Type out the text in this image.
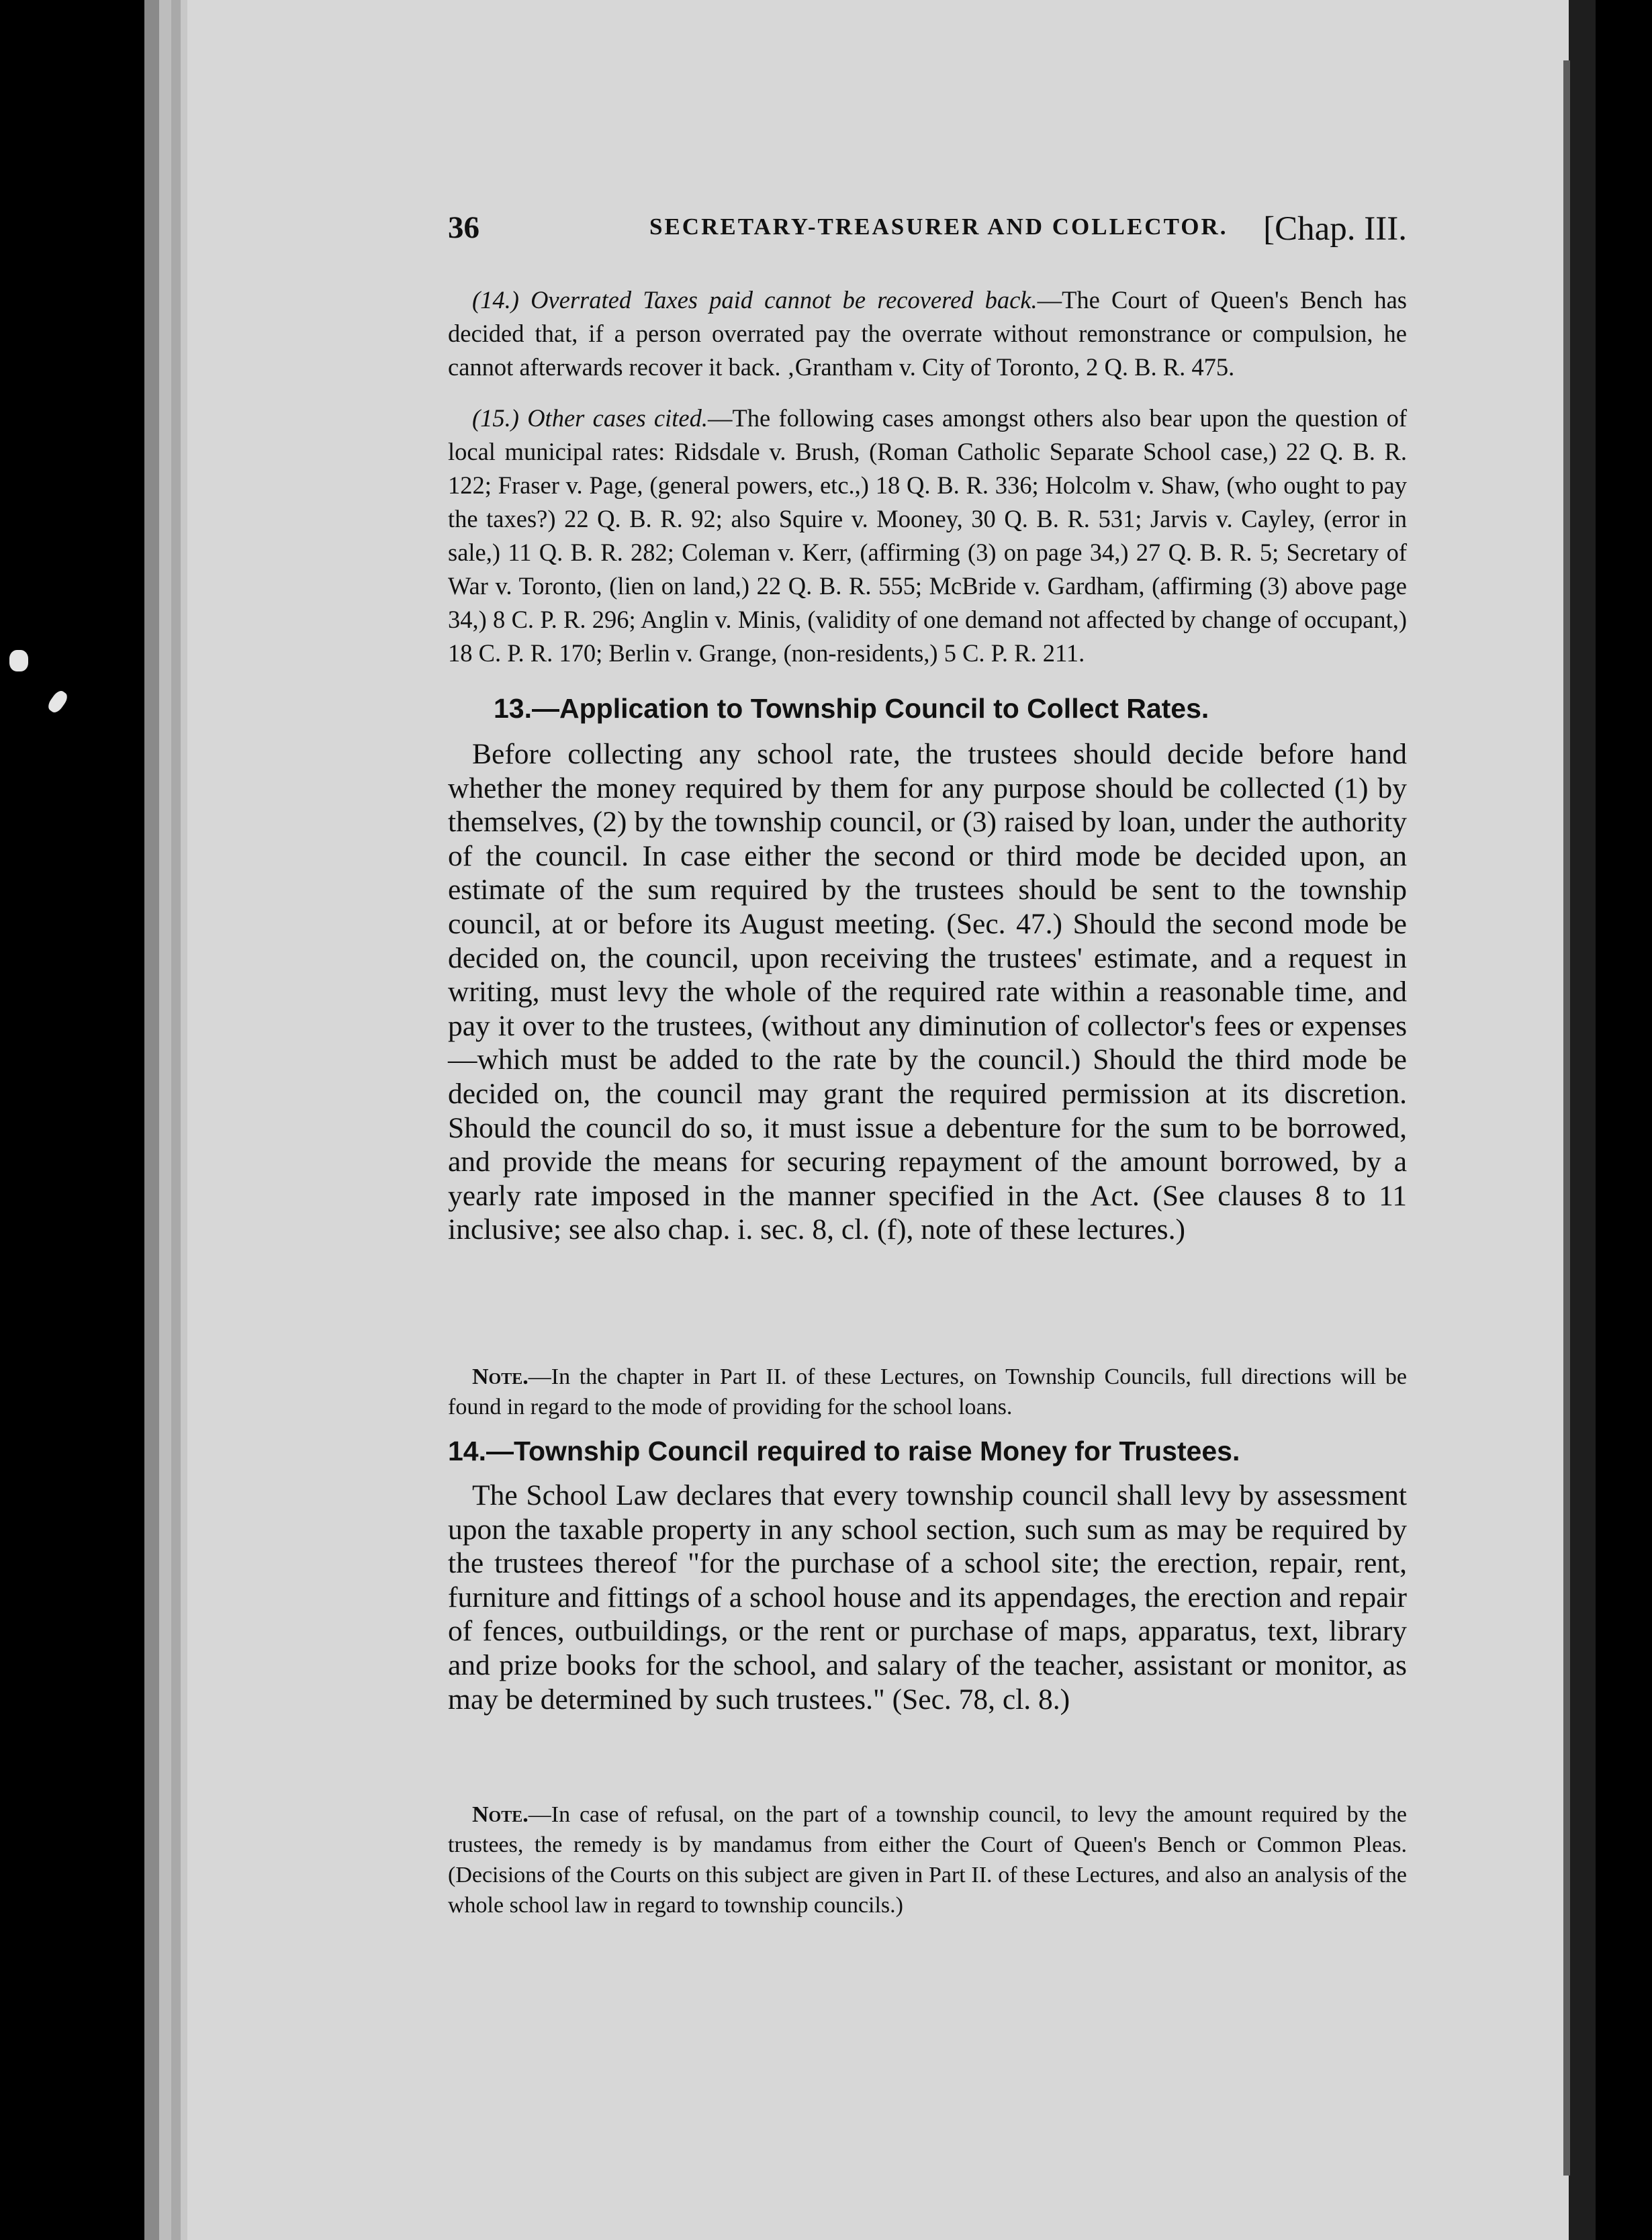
36	SECRETARY-TREASURER AND COLLECTOR. [Chap. III.

(14.) Overrated Taxes paid cannot be recovered back.—The Court of Queen's Bench has decided that, if a person overrated pay the overrate without remonstrance or compulsion, he cannot afterwards recover it back. ‚Grantham v. City of Toronto, 2 Q. B. R. 475.

(15.) Other cases cited.—The following cases amongst others also bear upon the question of local municipal rates: Ridsdale v. Brush, (Roman Catholic Separate School case,) 22 Q. B. R. 122; Fraser v. Page, (general powers, etc.,) 18 Q. B. R. 336; Holcolm v. Shaw, (who ought to pay the taxes?) 22 Q. B. R. 92; also Squire v. Mooney, 30 Q. B. R. 531; Jarvis v. Cayley, (error in sale,) 11 Q. B. R. 282; Coleman v. Kerr, (affirming (3) on page 34,) 27 Q. B. R. 5; Secretary of War v. Toronto, (lien on land,) 22 Q. B. R. 555; McBride v. Gardham, (affirming (3) above page 34,) 8 C. P. R. 296; Anglin v. Minis, (validity of one demand not affected by change of occupant,) 18 C. P. R. 170; Berlin v. Grange, (non-residents,) 5 C. P. R. 211.

13.—Application to Township Council to Collect Rates.

Before collecting any school rate, the trustees should decide before hand whether the money required by them for any purpose should be collected (1) by themselves, (2) by the township council, or (3) raised by loan, under the authority of the council. In case either the second or third mode be decided upon, an estimate of the sum required by the trustees should be sent to the township council, at or before its August meeting. (Sec. 47.) Should the second mode be decided on, the council, upon receiving the trustees' estimate, and a request in writing, must levy the whole of the required rate within a reasonable time, and pay it over to the trustees, (without any diminution of collector's fees or expenses—which must be added to the rate by the council.) Should the third mode be decided on, the council may grant the required permission at its discretion. Should the council do so, it must issue a debenture for the sum to be borrowed, and provide the means for securing repayment of the amount borrowed, by a yearly rate imposed in the manner specified in the Act. (See clauses 8 to 11 inclusive; see also chap. i. sec. 8, cl. (f), note of these lectures.)

Note.—In the chapter in Part II. of these Lectures, on Township Councils, full directions will be found in regard to the mode of providing for the school loans.

14.—Township Council required to raise Money for Trustees.

The School Law declares that every township council shall levy by assessment upon the taxable property in any school section, such sum as may be required by the trustees thereof "for the purchase of a school site; the erection, repair, rent, furniture and fittings of a school house and its appendages, the erection and repair of fences, outbuildings, or the rent or purchase of maps, apparatus, text, library and prize books for the school, and salary of the teacher, assistant or monitor, as may be determined by such trustees." (Sec. 78, cl. 8.)

Note.—In case of refusal, on the part of a township council, to levy the amount required by the trustees, the remedy is by mandamus from either the Court of Queen's Bench or Common Pleas. (Decisions of the Courts on this subject are given in Part II. of these Lectures, and also an analysis of the whole school law in regard to township councils.)
